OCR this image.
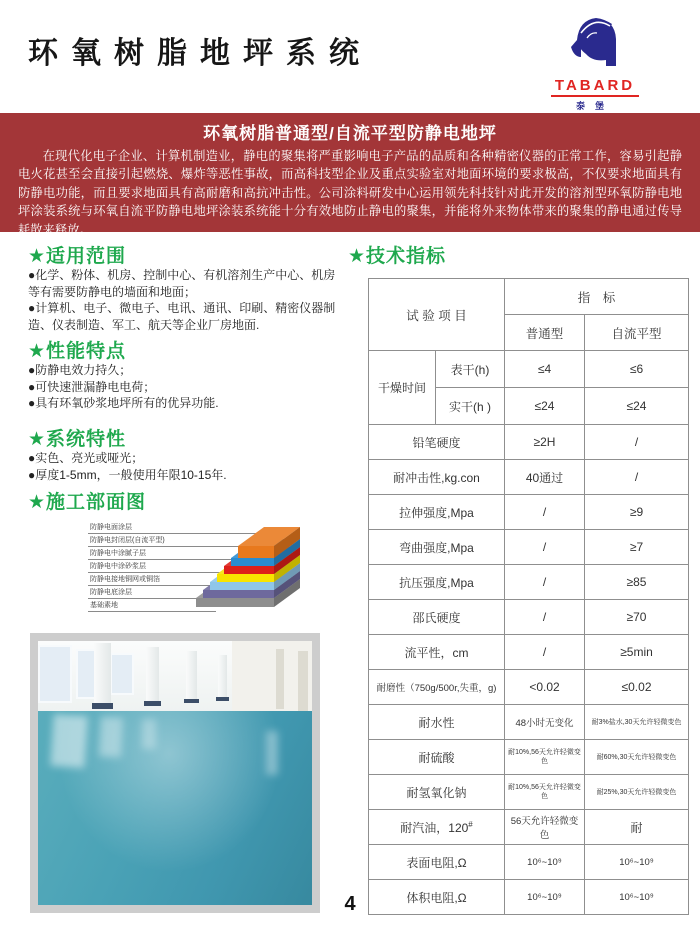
环氧树脂地坪系统
TABARD
泰堡
环氧树脂普通型/自流平型防静电地坪
在现代化电子企业、计算机制造业，静电的聚集将严重影响电子产品的品质和各种精密仪器的正常工作，容易引起静电火花甚至会直接引起燃烧、爆炸等恶性事故，而高科技型企业及重点实验室对地面环境的要求极高，不仅要求地面具有防静电功能，而且要求地面具有高耐磨和高抗冲击性。公司涂料研发中心运用领先科技针对此开发的溶剂型环氧防静电地坪涂装系统与环氧自流平防静电地坪涂装系统能十分有效地防止静电的聚集，并能将外来物体带来的聚集的静电通过传导耗散来释放。
★适用范围
●化学、粉体、机房、控制中心、有机溶剂生产中心、机房等有需要防静电的墙面和地面；
●计算机、电子、微电子、电讯、通讯、印刷、精密仪器制造、仪表制造、军工、航天等企业厂房地面.
★性能特点
●防静电效力持久；
●可快速泄漏静电电荷；
●具有环氧砂浆地坪所有的优异功能.
★系统特性
●实色、亮光或哑光；
●厚度1-5mm，一般使用年限10-15年.
★施工部面图
防静电面涂层
防静电封闭层(自流平型)
防静电中涂腻子层
防静电中涂砂浆层
防静电接地铜网或铜箔
防静电底涂层
基础素地
★技术指标
试 验 项 目		指　标	
		普通型	自流平型
干燥时间	表干(h)	≤4	≤6
	实干(h )	≤24	≤24
铅笔硬度		≥2H	/
耐冲击性,kg.con		40通过	/
拉伸强度,Mpa		/	≥9
弯曲强度,Mpa		/	≥7
抗压强度,Mpa		/	≥85
邵氏硬度		/	≥70
流平性，cm		/	≥5min
耐磨性（750g/500r,失重，g)		<0.02	≤0.02
耐水性		48小时无变化	耐3%盐水,30天允许轻微变色
耐硫酸		耐10%,56天允许轻微变色	耐60%,30天允许轻微变色
耐氢氧化钠		耐10%,56天允许轻微变色	耐25%,30天允许轻微变色
耐汽油，120#		56天允许轻微变色	耐
表面电阻,Ω		10⁶~10⁹	10⁶~10⁹
体积电阻,Ω		10⁶~10⁹	10⁶~10⁹
4
